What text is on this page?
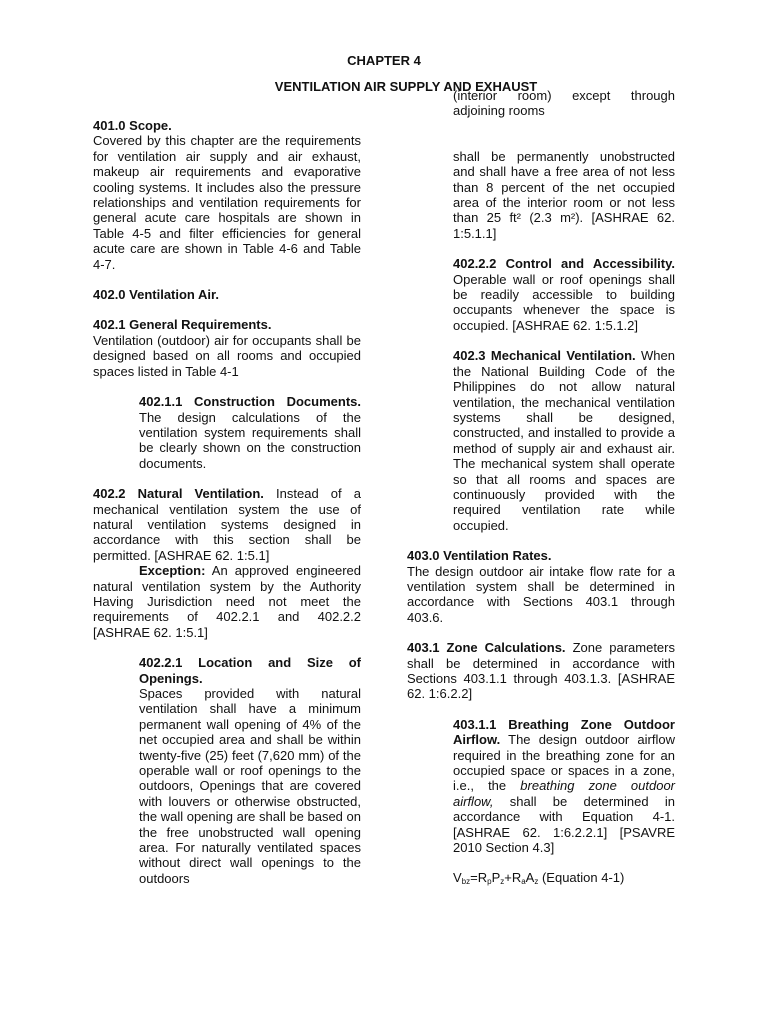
CHAPTER 4
VENTILATION AIR SUPPLY AND EXHAUST

401.0 Scope.

Covered by this chapter are the requirements for ventilation air supply and air exhaust, makeup air requirements and evaporative cooling systems. It includes also the pressure relationships and ventilation requirements for general acute care hospitals are shown in Table 4-5 and filter efficiencies for general acute care are shown in Table 4-6 and Table 4-7.

402.0 Ventilation Air.

402.1 General Requirements.

Ventilation (outdoor) air for occupants shall be designed based on all rooms and occupied spaces listed in Table 4-1

402.1.1 Construction Documents. The design calculations of the ventilation system requirements shall be clearly shown on the construction documents.

402.2 Natural Ventilation. Instead of a mechanical ventilation system the use of natural ventilation systems designed in accordance with this section shall be permitted. [ASHRAE 62. 1:5.1]

Exception: An approved engineered natural ventilation system by the Authority Having Jurisdiction need not meet the requirements of 402.2.1 and 402.2.2 [ASHRAE 62. 1:5.1]

402.2.1 Location and Size of Openings.

Spaces provided with natural ventilation shall have a minimum permanent wall opening of 4% of the net occupied area and shall be within twenty-five (25) feet (7,620 mm) of the operable wall or roof openings to the outdoors, Openings that are covered with louvers or otherwise obstructed, the wall opening are shall be based on the free unobstructed wall opening area. For naturally ventilated spaces without direct wall openings to the outdoors

(interior room) except through adjoining rooms

shall be permanently unobstructed and shall have a free area of not less than 8 percent of the net occupied area of the interior room or not less than 25 ft² (2.3 m²). [ASHRAE 62. 1:5.1.1]

402.2.2 Control and Accessibility. Operable wall or roof openings shall be readily accessible to building occupants whenever the space is occupied. [ASHRAE 62. 1:5.1.2]

402.3 Mechanical Ventilation. When the National Building Code of the Philippines do not allow natural ventilation, the mechanical ventilation systems shall be designed, constructed, and installed to provide a method of supply air and exhaust air. The mechanical system shall operate so that all rooms and spaces are continuously provided with the required ventilation rate while occupied.

403.0 Ventilation Rates.

The design outdoor air intake flow rate for a ventilation system shall be determined in accordance with Sections 403.1 through 403.6.

403.1 Zone Calculations. Zone parameters shall be determined in accordance with Sections 403.1.1 through 403.1.3. [ASHRAE 62. 1:6.2.2]

403.1.1 Breathing Zone Outdoor Airflow. The design outdoor airflow required in the breathing zone for an occupied space or spaces in a zone, i.e., the breathing zone outdoor airflow, shall be determined in accordance with Equation 4-1. [ASHRAE 62. 1:6.2.2.1] [PSAVRE 2010 Section 4.3]

$V_{bz}=R_pP_z+R_aA_z$ (Equation 4-1)
